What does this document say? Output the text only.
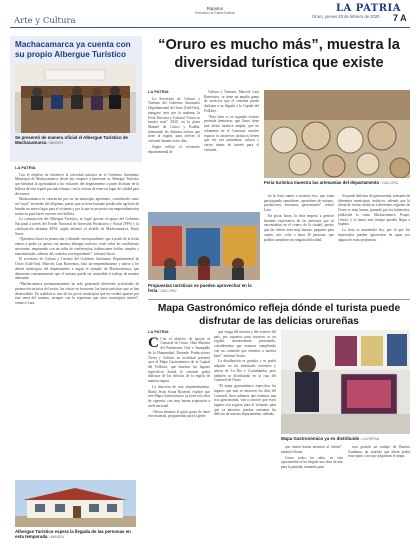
Arte y Cultura
Rápidos
Periódico la Patria Bolivia	LA PATRIA
Oruro, jueves 20 de febrero de 2020 7 A
Machacamarca ya cuenta con su propio Albergue Turístico
Se presentó de manera oficial el Albergue Turístico de Machacamarca / IMAGEN
LA PATRIA

Con el objetivo de fortalecer la actividad turística en el Gobierno Autónomo Municipal de Machacamarca, desde hoy empezó a funcionar su Albergue Turístico que brindará la oportunidad a los visitantes del departamento a poder disfrutar de la belleza de esta región por más tiempo, con la certeza de tener un lugar de calidad para descansar.

Machacamarca se caracteriza por ser un municipio agrónomo, considerado como un “oasis” en medio del altiplano, puesto que se tiene bastante producción agrícola de brindar un nuevo lugar para el visitante y por lo que se proyecta con emprendimientos turísticos para hacer conocer esta belleza.

La construcción del Albergue Turístico, se logró gracias al apoyo del Gobierno Nacional a través del Fondo Nacional de Inversión Productiva y Social (FPS) y la colaboración alemana KFW, según informó el alcalde de Machacamarca, Dario Sucre.

“Queremos hacer la promoción y difundir correspondiente, que a partir de la fecha vamos a poder ya operar con nuestro albergue turístico, tener todas las condiciones necesarias, empezando con un salón de conferencias, habitaciones dobles, simples y matrimoniales, además del comedor correspondiente”, informó Sucre.

El secretario de Cultura y Turismo del Gobierno Autónomo Departamental de Oruro (Gad-Oru), Marcelo Lara Barrientos, hizo un emprendimiento y unirse a los demás municipios del departamento a seguir el ejemplo de Machacamarca, que demuestra constantemente que el turismo puede ser sostenible si trabajo de manera adecuada.

“Machacamarca permanentemente ha sido generando diferentes actividades de promoción turística del sector, las visitas en frecuente, las ferias turísticas que se han desarrollado. En realidad es uno de los pocos municipios que en verdad apuesta por este tema del turismo, siempre con la esperanza que otros municipios imiten”, remarcó Lara.

Albergue Turístico espera la llegada de las personas en esta temporada / IMAGEN
“Oruro es mucho más”, muestra la diversidad turística que existe
LA PATRIA

La Secretaría de Cultura y Turismo del Gobierno Autónomo Departamental de Oruro (Gad-Oru), inauguró ayer por la mañana, la Feria Turística y Cultural “Oruro es mucho más” 2020, en la plaza Manuel de Castro y Padilla, intentando las distintas ofertas que tiene la región, para ofrecer al visitante durante estos días.

Según reflejó el secretario departamental de

Cultura y Turismo, Marcelo Lara Barrientos, se tiene un amplia gama de servicios que el visitante puede disfrutar a su llegada a la Capital del Folklore.

“Esta feria es su segunda versión pretende demostrar, que Oruro tiene una oferta turística amplia, que no solamente en el Carnaval, nuestro espacio es atractivos turísticos tienen que ver con naturaleza, cultura y varios temas de interés para el visitante,

Feria turística muestra las artesanías del departamento / GAD-ORU
Propuestas turísticas se pueden aprovechar en la feria / GAD-ORU

en la feria vamos a mostrar esto, que están participando operadores, operadores de turismo, productores, artesanos, gastronomía”, refirió Lara.

En pocas horas, la feria empezó a generar bastante expectativa de las personas que se encontraban en el centro de la ciudad, puesto que las ofertas eran muy buenas, paquetes para cuatro, seis, ocho o hasta 40 personas, que podían cumplirse sin ninguna dificultad.

Se puede disfrutar de gastronomía, artesanía de diferentes municipios turísticos, además que la oferta de visitas turísticas a diferentes regiones de Oruro es muy buena, pasando por los balnearios, población es como Machacamarca, Poopó, Urmiri, y si tienes más tiempo pueden llegar a Sajama.

La feria se mantendrá hoy, por lo que los interesados pueden aprovechar de optar por alguna de estas propuestas.

Mapa Gastronómico refleja dónde el turista puede disfrutar de las delicias orureñas
LA PATRIA

C Con el objetivo de apoyar al Carnaval de Oruro, Obra Maestra del Patrimonio Oral e Intangible de la Humanidad, Rosendo Producciones Tierra y Cultura, en actividad presentó ayer el Mapa Gastronómico de la Capital del Folklore, que muestra los lugares específicos donde el visitante podrá disfrutar de las delicias de la región de manera segura.

La directora de este emprendimiento, María Jesús Sosna Rosendi, explicó que este Mapa Gastronómico ya tiene seis años de vigencia, con muy buena aceptación a nivel nacional.

“Ahora tenemos el gusto gusto de tener este material, proponiendo para la gente

que venga del interior y del exterior del país, por supuesto para nosotros es un orgullo enormemente presentarlo, consideramos que estamos cumpliendo con un cometido que tenemos a nuestra base”, enfatizó Sosna.

La distribución es gratuita y se podrá adquirir en las terminales terrestres y aéreas de La Paz y Cochabamba, pero también se distribuirán en la ruta del Carnaval de Oruro.

“El mapa gastronómico especifica los lugares que más es atractivo los días del Carnaval, bien sabemos que tenemos una rica gastronomía, van a conocer que estos lugares son seguros para el visitante, para que ya entonces puedan consumir las delicias de nuestro departamento, además

Mapa Gastronómico ya es distribuido / LA PATRIA

que tienen buena atención al cliente”, enfatizó Sosna.

Como todos los años, en esta oportunidad se ha elegido una obra de arte para la portada, tomando para

esta gestión un trabajo de Ramiro Zarahuna, un orureño que ahora podrá estar junto a los que adquieran el mapa.
